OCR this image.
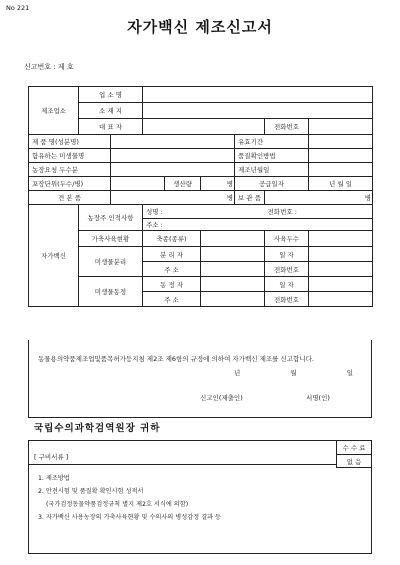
No 221
자가백신 제조신고서
신고번호 : 제 호
제조업소	업 소 명							
	소 재 지							
	대 표 자						전화번호	
제 품 명(성분명)						유효기간		
함유하는 미생물명						품질확인방법		
농장요청 두수분						제조년월일		
포장단위(두수/병)				생산량	병	공급일자		년 월 일
견 본 품		병				보 관 품	병	
자가백신	농장주 인적사항		성명 :				전화번호 :	
			주소 :					
	가축사육현황		축종(종류)				사육두수	
	미생물분리		분 리 자				일 자	
			주 소				전화번호	
	미생물동정		동 정 자				일 자	
			주 소				전화번호	
동물용의약품제조업및품목허가등지침 제2조 제6항의 규정에 의하여 자가백신 제조를 신고합니다.
년 월 일
신고인(제출인)	서명(인)
국립수의과학검역원장 귀하
수 수 료
없 음
[ 구비서류 ]
1. 제조방법
2. 안전시험 및 품질확 확인시험 성적서
(국가검정동물약품검정규칙 별지 제2호 서식에 의함)
3. 자가백신 사용농장의 가축사육현황 및 수의사의 병성감정 결과 등
